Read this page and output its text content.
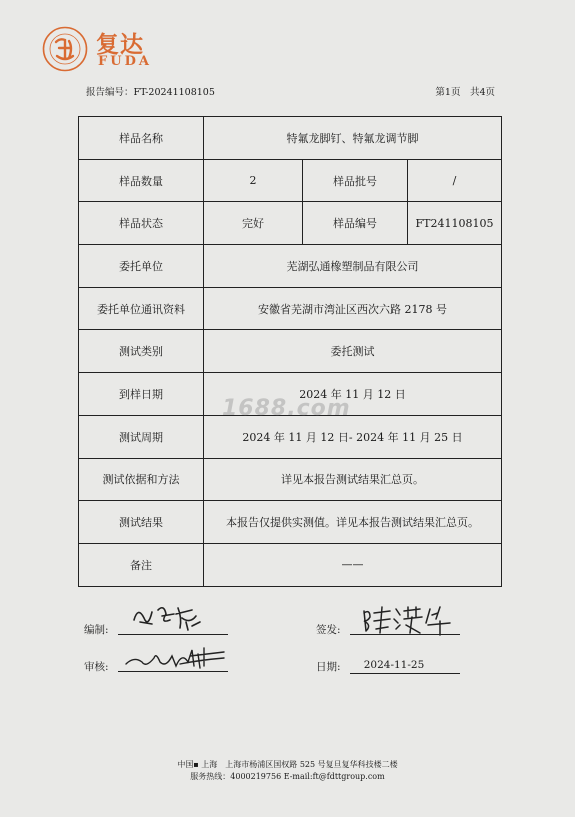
复达
FUDA
报告编号：FT-20241108105	第1页　共4页
样品名称	特氟龙脚钉、特氟龙调节脚		
样品数量	2	样品批号	/
样品状态	完好	样品编号	FT241108105
委托单位	芜湖弘通橡塑制品有限公司		
委托单位通讯资料	安徽省芜湖市湾沚区西次六路 2178 号		
测试类别	委托测试		
到样日期	2024 年 11 月 12 日		
测试周期	2024 年 11 月 12 日- 2024 年 11 月 25 日		
测试依据和方法	详见本报告测试结果汇总页。		
测试结果	本报告仅提供实测值。详见本报告测试结果汇总页。		
备注	——		
1688.com
编制:
审核:
签发:
日期:	2024-11-25
中国▪ 上海　上海市杨浦区国权路 525 号复旦复华科技楼二楼
服务热线：4000219756 E-mail:ft@fdttgroup.com
